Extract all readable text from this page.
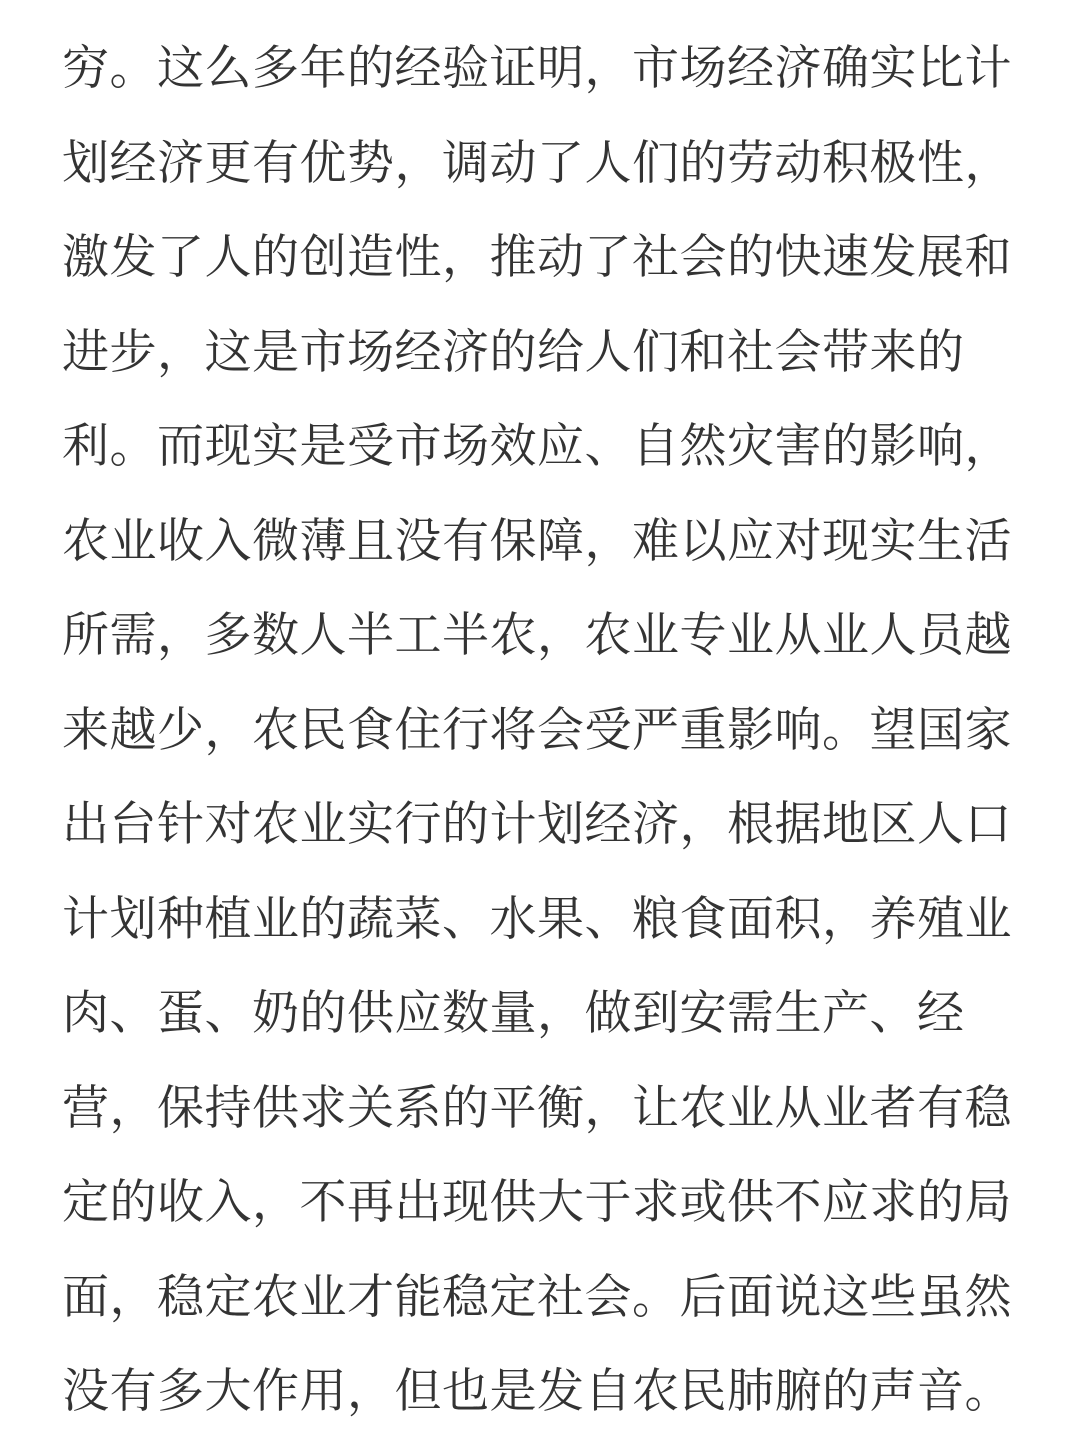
穷。这么多年的经验证明，市场经济确实比计
划经济更有优势，调动了人们的劳动积极性，
激发了人的创造性，推动了社会的快速发展和
进步，这是市场经济的给人们和社会带来的
利。而现实是受市场效应、自然灾害的影响，
农业收入微薄且没有保障，难以应对现实生活
所需，多数人半工半农，农业专业从业人员越
来越少，农民食住行将会受严重影响。望国家
出台针对农业实行的计划经济，根据地区人口
计划种植业的蔬菜、水果、粮食面积，养殖业
肉、蛋、奶的供应数量，做到安需生产、经
营，保持供求关系的平衡，让农业从业者有稳
定的收入，不再出现供大于求或供不应求的局
面，稳定农业才能稳定社会。后面说这些虽然
没有多大作用，但也是发自农民肺腑的声音。
